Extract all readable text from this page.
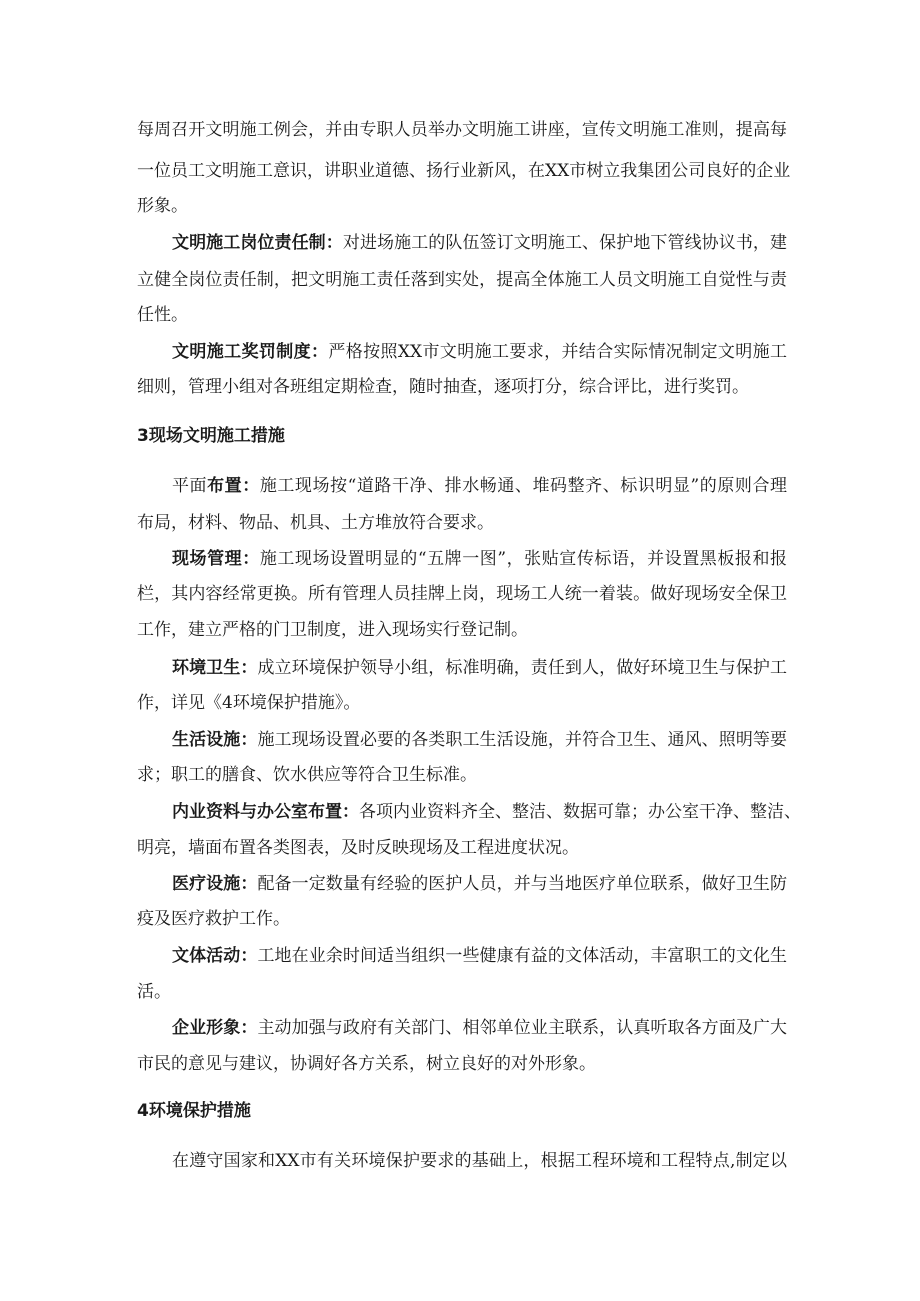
每周召开文明施工例会，并由专职人员举办文明施工讲座，宣传文明施工准则，提高每
一位员工文明施工意识，讲职业道德、扬行业新风，在XX市树立我集团公司良好的企业
形象。
文明施工岗位责任制：对进场施工的队伍签订文明施工、保护地下管线协议书，建
立健全岗位责任制，把文明施工责任落到实处，提高全体施工人员文明施工自觉性与责
任性。
文明施工奖罚制度：严格按照XX市文明施工要求，并结合实际情况制定文明施工
细则，管理小组对各班组定期检查，随时抽查，逐项打分，综合评比，进行奖罚。
3现场文明施工措施
平面布置：施工现场按“道路干净、排水畅通、堆码整齐、标识明显”的原则合理
布局，材料、物品、机具、土方堆放符合要求。
现场管理：施工现场设置明显的“五牌一图”，张贴宣传标语，并设置黑板报和报
栏，其内容经常更换。所有管理人员挂牌上岗，现场工人统一着装。做好现场安全保卫
工作，建立严格的门卫制度，进入现场实行登记制。
环境卫生：成立环境保护领导小组，标准明确，责任到人，做好环境卫生与保护工
作，详见《4环境保护措施》。
生活设施：施工现场设置必要的各类职工生活设施，并符合卫生、通风、照明等要
求；职工的膳食、饮水供应等符合卫生标准。
内业资料与办公室布置：各项内业资料齐全、整洁、数据可靠；办公室干净、整洁、
明亮，墙面布置各类图表，及时反映现场及工程进度状况。
医疗设施：配备一定数量有经验的医护人员，并与当地医疗单位联系，做好卫生防
疫及医疗救护工作。
文体活动：工地在业余时间适当组织一些健康有益的文体活动，丰富职工的文化生
活。
企业形象：主动加强与政府有关部门、相邻单位业主联系，认真听取各方面及广大
市民的意见与建议，协调好各方关系，树立良好的对外形象。
4环境保护措施
在遵守国家和XX市有关环境保护要求的基础上，根据工程环境和工程特点,制定以
